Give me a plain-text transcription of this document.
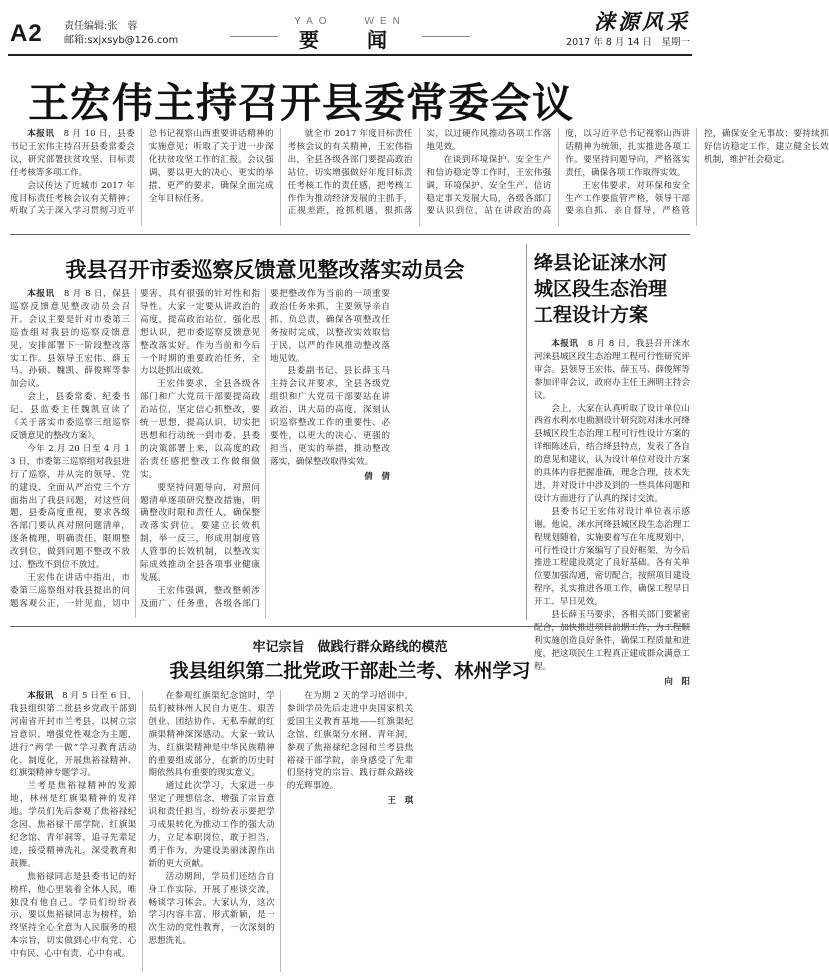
A2 责任编辑:张　蓉
邮箱:sxjxsyb@126.com
YAO　　WEN
要　闻
涞源风采
2017 年 8 月 14 日　星期一
王宏伟主持召开县委常委会议

本报讯　 8 月 10 日，县委书记王宏伟主持召开县委常委会议，研究部署扶贫攻坚、目标责任考核等多项工作。

会议传达了近城市 2017 年度目标责任考核会议有关精神；听取了关于深入学习贯彻习近平总书记视察山西重要讲话精神的实施意见；听取了关于进一步深化扶贫攻坚工作的汇报。会议强调，要以更大的决心、更实的举措、更严的要求，确保全面完成全年目标任务。

就全市 2017 年度目标责任考核会议的有关精神，王宏伟指出，全县各级各部门要提高政治站位，切实增强做好年度目标责任考核工作的责任感，把考核工作作为推动经济发展的主抓手，正视差距，抢抓机遇，狠抓落实，以过硬作风推动各项工作落地见效。

在谈到环境保护、安全生产和信访稳定等工作时，王宏伟强调，环境保护、安全生产、信访稳定事关发展大局，各级各部门要认识到位，站在讲政治的高度，以习近平总书记视察山西讲话精神为统领，扎实推进各项工作。要坚持问题导向，严格落实责任，确保各项工作取得实效。

王宏伟要求，对环保和安全生产工作要监管严格，领导干部要亲自抓、亲自督导，严格管控，确保安全无事故；要持续抓好信访稳定工作，建立健全长效机制，维护社会稳定。

我县召开市委巡察反馈意见整改落实动员会

本报讯　 8 月 8 日，保县巡察反馈意见整改动员会召开。会议主要是针对市委第三巡查组对我县的巡察反馈意见，安排部署下一阶段整改落实工作。县领导王宏伟、薛玉马、孙硕、魏凯、薛俊辉等参加会议。

会上，县委常委、纪委书记、县监委主任魏凯宣读了《关于落实市委巡察三组巡察反馈意见的整改方案》。

今年 2 月 20 日至 4 月 13 日，市委第三巡察组对我县进行了巡察，并从完的领导、党的建设、全面从严治党三个方面指出了我县问题，对这些问题，县委高度重视，要求各级各部门要认真对照问题清单，逐条梳理，明确责任，限期整改到位，做到问题不整改不放过、整改不到位不放过。

王宏伟在讲话中指出，市委第三巡察组对我县提出的问题客观公正，一针见血，切中要害，具有很强的针对性和指导性。大家一定要从讲政治的高度，提高政治站位，强化思想认识，把市委巡察反馈意见整改落实好。作为当前和今后一个时期的重要政治任务，全力以赴抓出成效。

王宏伟要求，全县各级各部门和广大党员干部要提高政治站位，坚定信心抓整改，要统一思想，提高认识，切实把思想和行动统一到市委、县委的决策部署上来，以高度的政治责任感把整改工作做细做实。

要坚持问题导向，对照问题清单逐项研究整改措施，明确整改时限和责任人，确保整改落实到位。要建立长效机制，举一反三，形成用制度管人管事的长效机制，以整改实际成效推动全县各项事业健康发展。

王宏伟强调，整改整顿涉及面广、任务重，各级各部门要把整改作为当前的一项重要政治任务来抓，主要领导亲自抓、负总责，确保各项整改任务按时完成，以整改实效取信于民，以严的作风推动整改落地见效。

县委副书记、县长薛玉马主持会议并要求，全县各级党组织和广大党员干部要站在讲政治、讲大局的高度，深刻认识巡察整改工作的重要性、必要性，以更大的决心、更强的担当、更实的举措，推动整改落实，确保整改取得实效。

倩　倩

绛县论证涞水河
城区段生态治理
工程设计方案

本报讯　 8 月 8 日，我县召开涞水河涞县城区段生态治理工程可行性研究评审会。县领导王宏伟、薛玉马、薛俊辉等参加评审会议，政府办主任王洲明主持会议。

会上，大家在认真听取了设计单位山西省水利水电勘测设计研究院对涞水河绛县城区段生态治理工程可行性设计方案的详细陈述后，结合绛县特点，发表了各自的意见和建议，认为设计单位对设计方案的具体内容把握准确，理念合理，技术先进，并对设计中涉及到的一些具体问题和设计方面进行了认真的探讨交流。

县委书记王宏伟对设计单位表示感谢。他说，涞水河绛县城区段生态治理工程规划随着，实施要着写在年度规划中，可行性设计方案编写了良好框架，为今后推进工程建设奠定了良好基础。各有关单位要加强沟通，密切配合，按照项目建设程序，扎实推进各项工作，确保工程早日开工、早日见效。

县长薛玉马要求，各相关部门要紧密配合，加快推进项目前期工作，为工程顺利实施创造良好条件，确保工程质量和进度，把这项民生工程真正建成群众满意工程。

向　阳

牢记宗旨　做践行群众路线的模范
我县组织第二批党政干部赴兰考、林州学习

本报讯　 8 月 5 日至 6 日，我县组织第二批县乡党政干部到河南省开封市兰考县，以树立宗旨意识、增强党性观念为主题，进行“两学一做”学习教育活动化、制度化，开展焦裕禄精神、红旗渠精神专题学习。

兰考是焦裕禄精神的发源地，林州是红旗渠精神的发祥地。学员们先后参观了焦裕禄纪念园、焦裕禄干部学院、红旗渠纪念馆、青年洞等，追寻先辈足迹，接受精神洗礼，深受教育和鼓舞。

焦裕禄同志是县委书记的好榜样，他心里装着全体人民，唯独没有他自己。学员们纷纷表示，要以焦裕禄同志为榜样，始终坚持全心全意为人民服务的根本宗旨，切实做到心中有党、心中有民、心中有责、心中有戒。

在参观红旗渠纪念馆时，学员们被林州人民自力更生、艰苦创业、团结协作、无私奉献的红旗渠精神深深感动。大家一致认为，红旗渠精神是中华民族精神的重要组成部分，在新的历史时期依然具有重要的现实意义。

通过此次学习，大家进一步坚定了理想信念，增强了宗旨意识和责任担当，纷纷表示要把学习成果转化为推动工作的强大动力，立足本职岗位，敢于担当，勇于作为，为建设美丽涞源作出新的更大贡献。

活动期间，学员们还结合自身工作实际，开展了座谈交流，畅谈学习体会。大家认为，这次学习内容丰富、形式新颖，是一次生动的党性教育，一次深刻的思想洗礼。

在为期 2 天的学习培训中，参训学员先后走进中央国家机关爱国主义教育基地——红旗渠纪念馆、红旗渠分水闸、青年洞，参观了焦裕禄纪念园和兰考县焦裕禄干部学院，亲身感受了先辈们坚持党的宗旨、践行群众路线的光辉事迹。

王　琪
